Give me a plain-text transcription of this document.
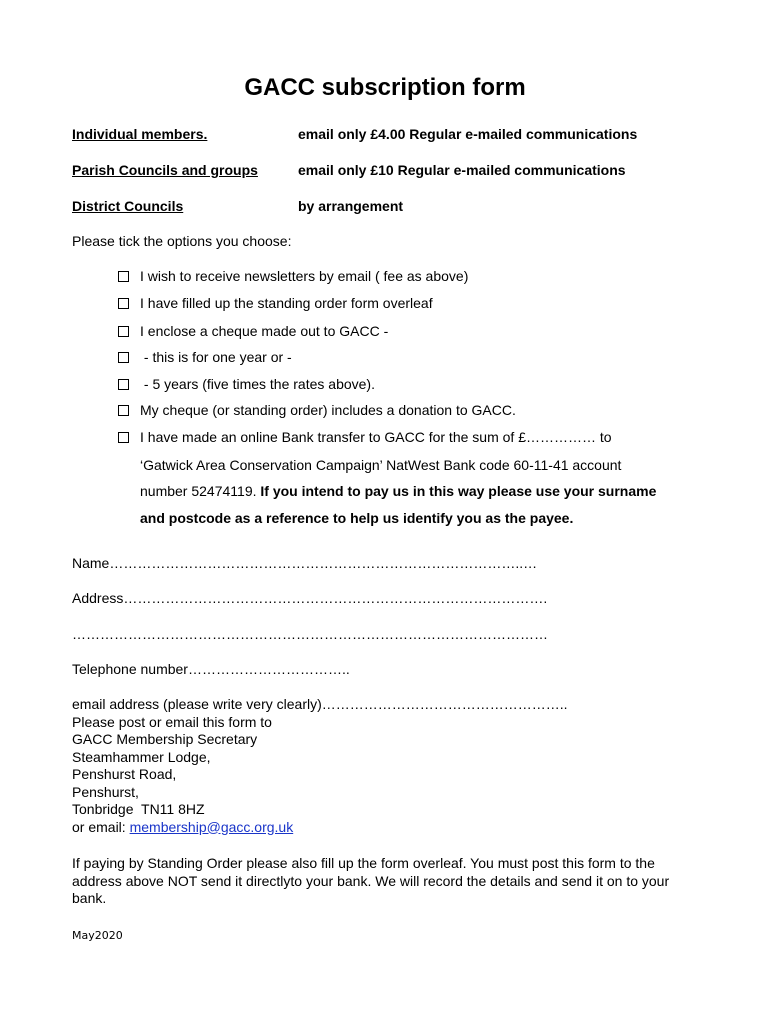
GACC subscription form
Individual members.	email only £4.00 Regular e-mailed communications
Parish Councils and groups	email only £10 Regular e-mailed communications
District Councils	by arrangement
Please tick the options you choose:
I wish to receive newsletters by email ( fee as above)
I have filled up the standing order form overleaf
I enclose a cheque made out to GACC -
- this is for one year or -
- 5 years (five times the rates above).
My cheque (or standing order) includes a donation to GACC.
I have made an online Bank transfer to GACC for the sum of £…………… to
‘Gatwick Area Conservation Campaign’ NatWest Bank code 60-11-41 account
number 52474119. If you intend to pay us in this way please use your surname
and postcode as a reference to help us identify you as the payee.
Name……………………………………………………………………………..…
Address……………………………………………………………………………….
…………………………………………………………………………………………
Telephone number……………………………..
email address (please write very clearly)……………………………………………..
Please post or email this form to
GACC Membership Secretary
Steamhammer Lodge,
Penshurst Road,
Penshurst,
Tonbridge  TN11 8HZ
or email: membership@gacc.org.uk
If paying by Standing Order please also fill up the form overleaf. You must post this form to the address above NOT send it directlyto your bank. We will record the details and send it on to your bank.
May2020
